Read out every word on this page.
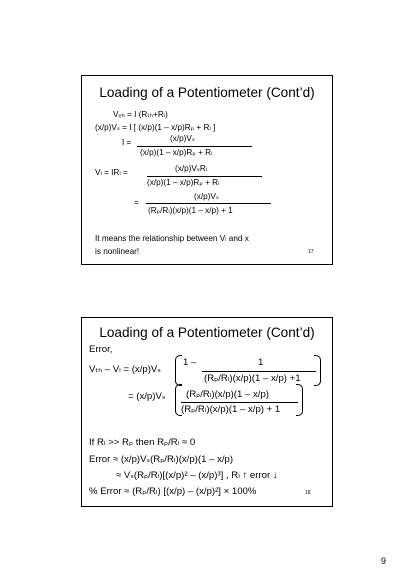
Loading of a Potentiometer (Cont’d)
Vₑₕ = I (Rₜₕ+Rₗ)
(x/p)Vₛ = I [ (x/p)(1 – x/p)Rₚ + Rₗ ]
I =	(x/p)Vₛ
(x/p)(1 – x/p)Rₚ + Rₗ
Vₗ = IRₗ =	(x/p)VₛRₗ
(x/p)(1 – x/p)Rₚ + Rₗ
=
(x/p)Vₛ
(Rₚ/Rₗ)(x/p)(1 – x/p) + 1
It means the relationship between Vₗ and x
is nonlinear!	17
Loading of a Potentiometer (Cont’d)
Error,
Vₜₕ – Vₗ = (x/p)Vₛ
1 –	1
(Rₚ/Rₗ)(x/p)(1 – x/p) +1
= (x/p)Vₛ (Rₚ/Rₗ)(x/p)(1 – x/p)
(Rₚ/Rₗ)(x/p)(1 – x/p) + 1
If Rₗ >> Rₚ then Rₚ/Rₗ ≈ 0
Error ≈ (x/p)Vₛ(Rₚ/Rₗ)(x/p)(1 – x/p)
≈ Vₛ(Rₚ/Rₗ)[(x/p)² – (x/p)³] , Rₗ ↑ error ↓
% Error ≈ (Rₚ/Rₗ) [(x/p) – (x/p)²] × 100%	18
9
